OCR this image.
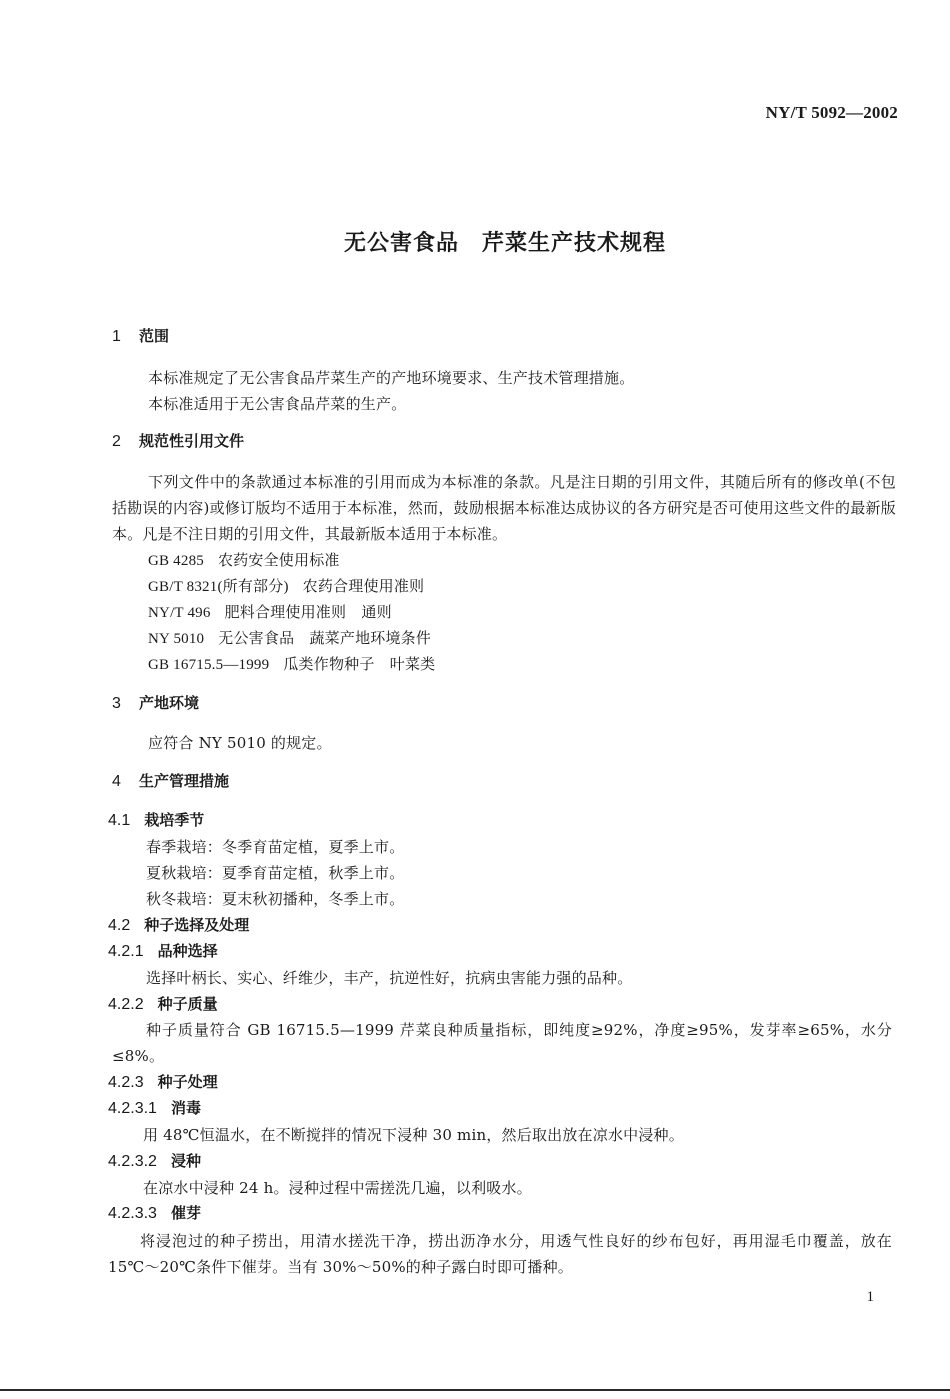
NY/T 5092—2002
无公害食品　芹菜生产技术规程
1 范围
本标准规定了无公害食品芹菜生产的产地环境要求、生产技术管理措施。
本标准适用于无公害食品芹菜的生产。
2 规范性引用文件
下列文件中的条款通过本标准的引用而成为本标准的条款。凡是注日期的引用文件，其随后所有的修改单(不包括勘误的内容)或修订版均不适用于本标准，然而，鼓励根据本标准达成协议的各方研究是否可使用这些文件的最新版本。凡是不注日期的引用文件，其最新版本适用于本标准。
GB 4285 农药安全使用标准
GB/T 8321(所有部分) 农药合理使用准则
NY/T 496 肥料合理使用准则　通则
NY 5010 无公害食品　蔬菜产地环境条件
GB 16715.5—1999 瓜类作物种子　叶菜类
3 产地环境
应符合 NY 5010 的规定。
4 生产管理措施
4.1 栽培季节
春季栽培：冬季育苗定植，夏季上市。
夏秋栽培：夏季育苗定植，秋季上市。
秋冬栽培：夏末秋初播种，冬季上市。
4.2 种子选择及处理
4.2.1 品种选择
选择叶柄长、实心、纤维少，丰产，抗逆性好，抗病虫害能力强的品种。
4.2.2 种子质量
种子质量符合 GB 16715.5—1999 芹菜良种质量指标，即纯度≥92%，净度≥95%，发芽率≥65%，水分≤8%。
4.2.3 种子处理
4.2.3.1 消毒
用 48℃恒温水，在不断搅拌的情况下浸种 30 min，然后取出放在凉水中浸种。
4.2.3.2 浸种
在凉水中浸种 24 h。浸种过程中需搓洗几遍，以利吸水。
4.2.3.3 催芽
将浸泡过的种子捞出，用清水搓洗干净，捞出沥净水分，用透气性良好的纱布包好，再用湿毛巾覆盖，放在 15℃～20℃条件下催芽。当有 30%～50%的种子露白时即可播种。
1
